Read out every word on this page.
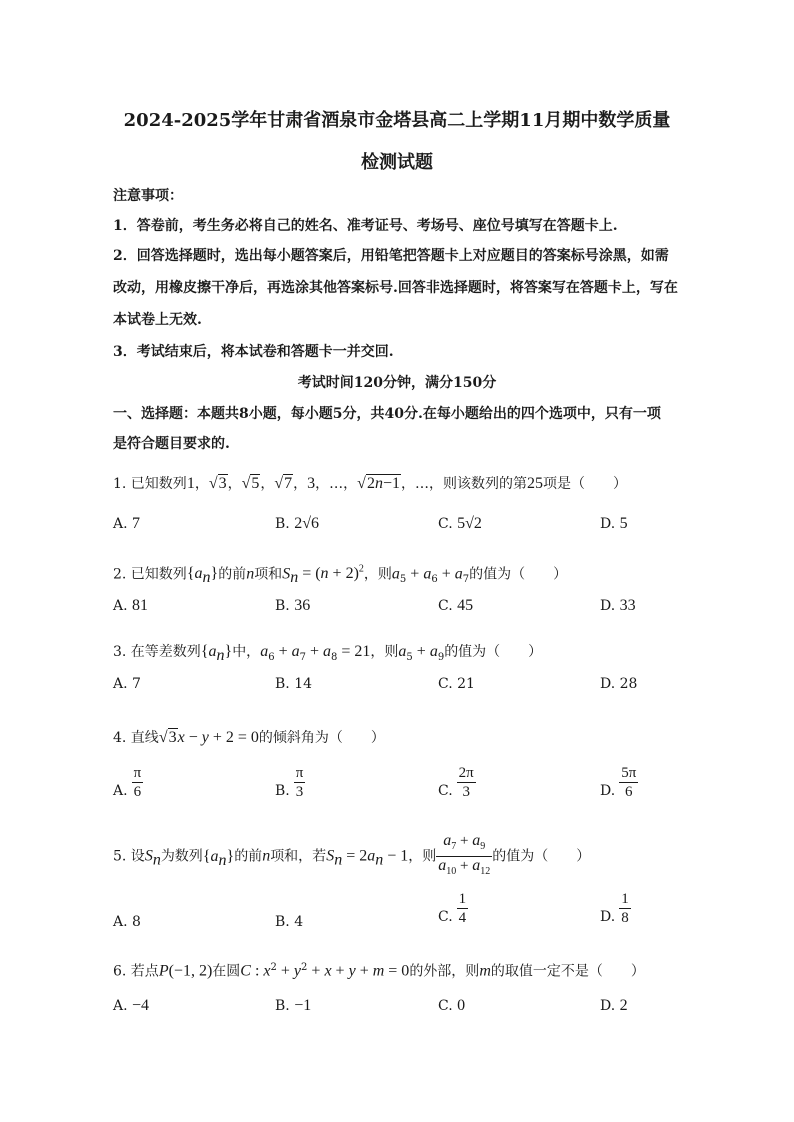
2024-2025学年甘肃省酒泉市金塔县高二上学期11月期中数学质量
检测试题
注意事项：
1．答卷前，考生务必将自己的姓名、准考证号、考场号、座位号填写在答题卡上.
2．回答选择题时，选出每小题答案后，用铅笔把答题卡上对应题目的答案标号涂黑，如需
改动，用橡皮擦干净后，再选涂其他答案标号.回答非选择题时，将答案写在答题卡上，写在
本试卷上无效.
3．考试结束后，将本试卷和答题卡一并交回.
考试时间120分钟，满分150分
一、选择题：本题共8小题，每小题5分，共40分.在每小题给出的四个选项中，只有一项
是符合题目要求的.
1. 已知数列1，√3，√5，√7，3，…，√2n−1，…，则该数列的第25项是（　　）
A. 7	B. 2√6	C. 5√2	D. 5
2. 已知数列$\{a_n\}$的前n项和$S_n = (n + 2)^2$，则$a_5 + a_6 + a_7$的值为（　　）
A. 81	B. 36	C. 45	D. 33
3. 在等差数列$\{a_n\}$中，$a_6 + a_7 + a_8 = 21$，则$a_5 + a_9$的值为（　　）
A. 7	B. 14	C. 21	D. 28
4. 直线√3x − y + 2 = 0的倾斜角为（　　）
A. $\frac{\pi}{6}$	B. $\frac{\pi}{3}$	C. $\frac{2\pi}{3}$	D. $\frac{5\pi}{6}$
5. 设$S_n$为数列$\{a_n\}$的前n项和，若$S_n = 2a_n - 1$，则 $\frac{a_7 + a_9}{a_{10} + a_{12}}$ 的值为（　　）
A. 8	B. 4	C. $\frac{1}{4}$	D. $\frac{1}{8}$
6. 若点P(−1, 2)在圆C : $x^2 + y^2 + x + y + m = 0$的外部，则m的取值一定不是（　　）
A. −4	B. −1	C. 0	D. 2
